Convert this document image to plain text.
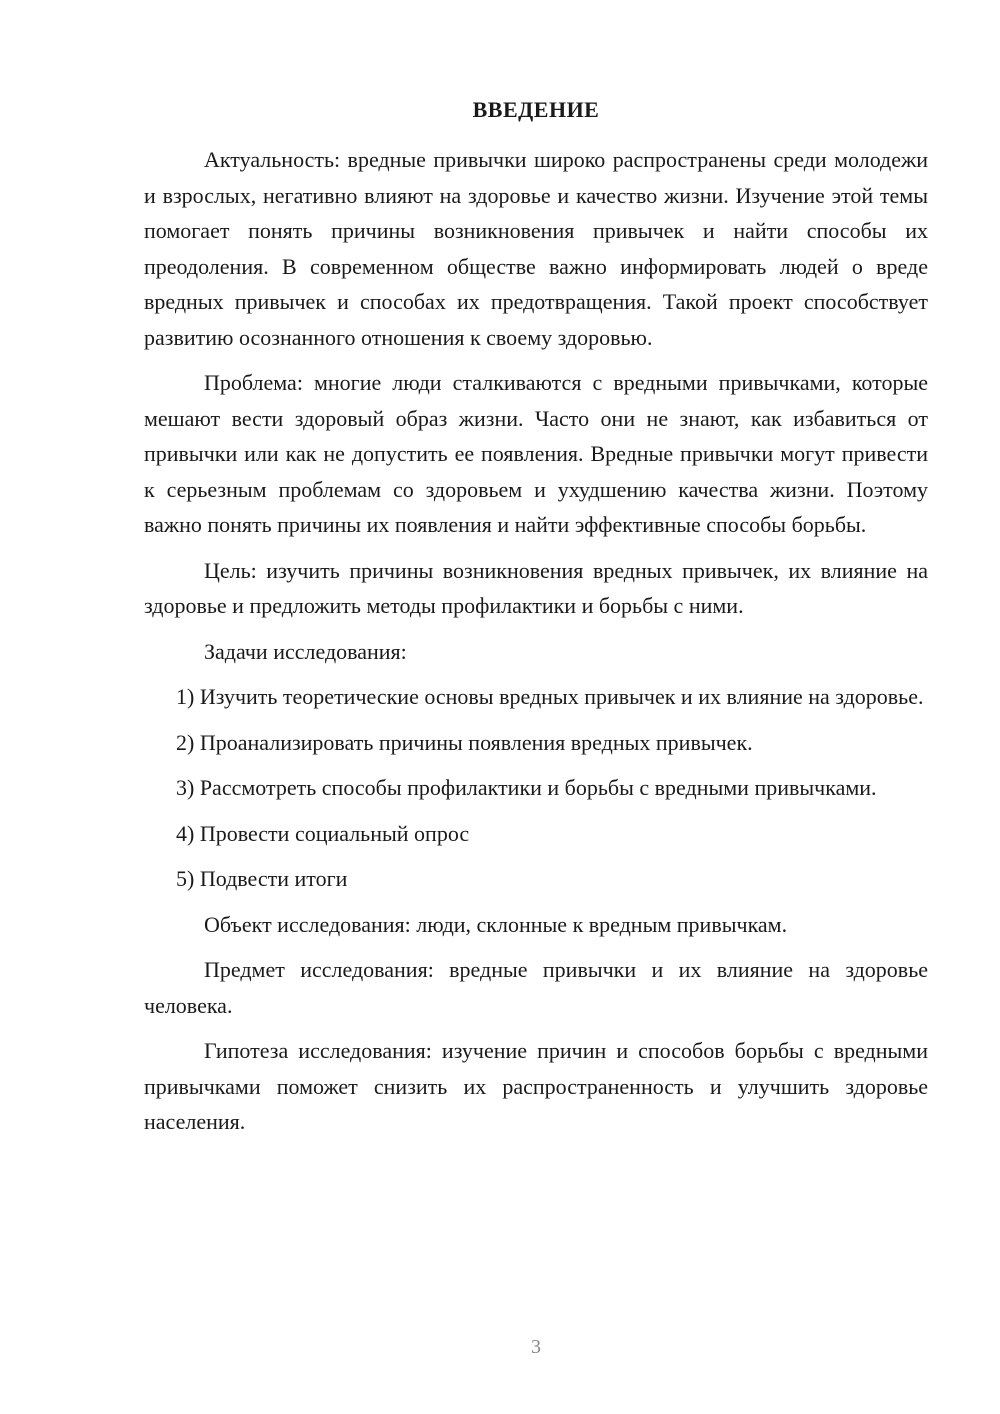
ВВЕДЕНИЕ

Актуальность: вредные привычки широко распространены среди молодежи и взрослых, негативно влияют на здоровье и качество жизни. Изучение этой темы помогает понять причины возникновения привычек и найти способы их преодоления. В современном обществе важно информировать людей о вреде вредных привычек и способах их предотвращения. Такой проект способствует развитию осознанного отношения к своему здоровью.

Проблема: многие люди сталкиваются с вредными привычками, которые мешают вести здоровый образ жизни. Часто они не знают, как избавиться от привычки или как не допустить ее появления. Вредные привычки могут привести к серьезным проблемам со здоровьем и ухудшению качества жизни. Поэтому важно понять причины их появления и найти эффективные способы борьбы.

Цель: изучить причины возникновения вредных привычек, их влияние на здоровье и предложить методы профилактики и борьбы с ними.

Задачи исследования:

1) Изучить теоретические основы вредных привычек и их влияние на здоровье.

2) Проанализировать причины появления вредных привычек.

3) Рассмотреть способы профилактики и борьбы с вредными привычками.

4) Провести социальный опрос

5) Подвести итоги

Объект исследования: люди, склонные к вредным привычкам.

Предмет исследования: вредные привычки и их влияние на здоровье человека.

Гипотеза исследования: изучение причин и способов борьбы с вредными привычками поможет снизить их распространенность и улучшить здоровье населения.

3
